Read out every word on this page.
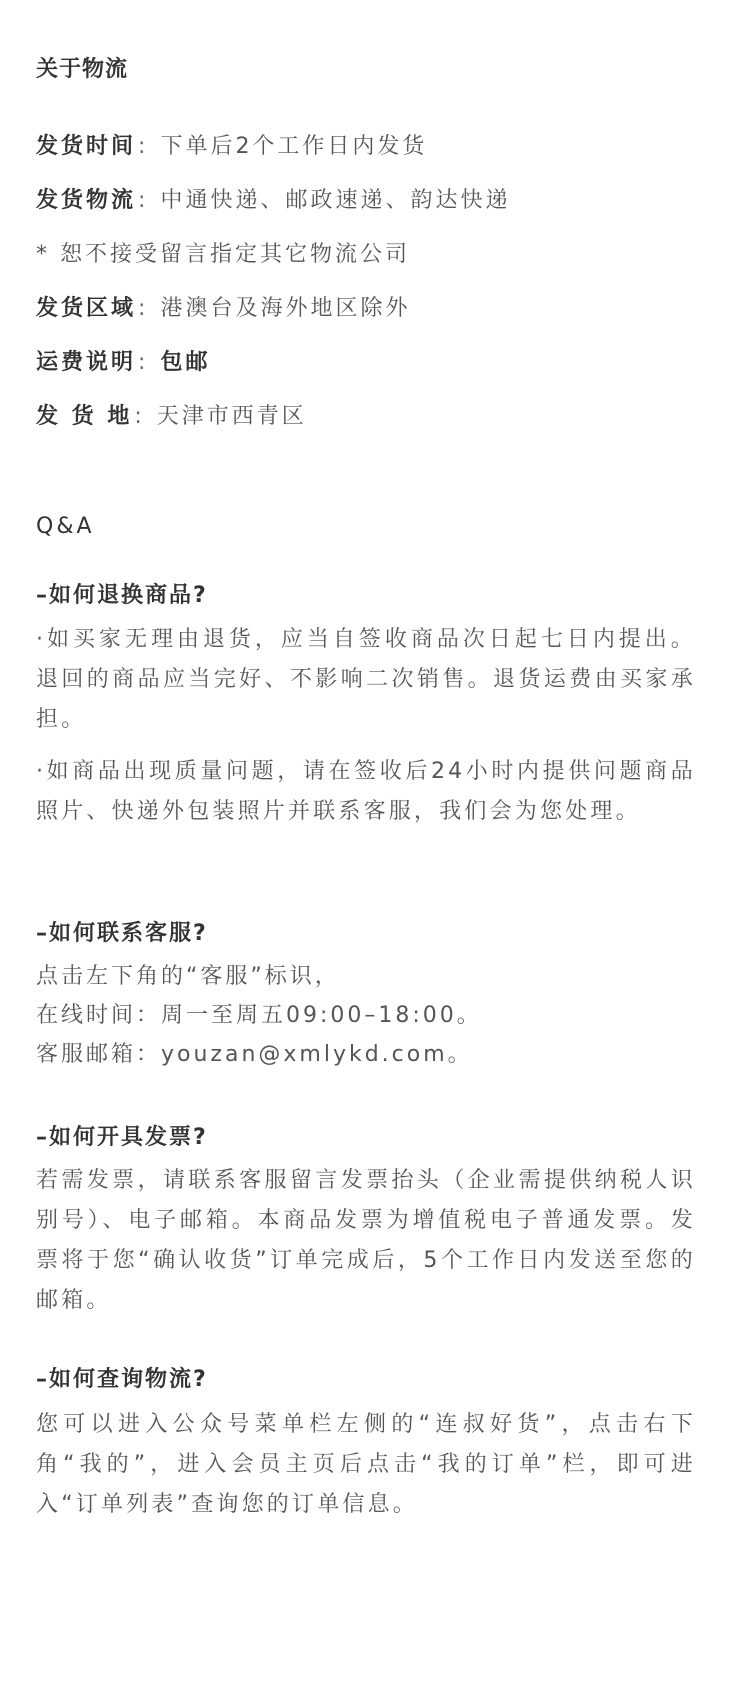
关于物流
发货时间: 下单后2个工作日内发货
发货物流: 中通快递、邮政速递、韵达快递
* 恕不接受留言指定其它物流公司
发货区域: 港澳台及海外地区除外
运费说明: 包邮
发 货 地: 天津市西青区
Q&A
–如何退换商品?
·如买家无理由退货，应当自签收商品次日起七日内提出。退回的商品应当完好、不影响二次销售。退货运费由买家承担。
·如商品出现质量问题，请在签收后24小时内提供问题商品照片、快递外包装照片并联系客服，我们会为您处理。
–如何联系客服?
点击左下角的“客服”标识，
在线时间：周一至周五09:00–18:00。
客服邮箱：youzan@xmlykd.com。
–如何开具发票?
若需发票，请联系客服留言发票抬头（企业需提供纳税人识别号）、电子邮箱。本商品发票为增值税电子普通发票。发票将于您“确认收货”订单完成后，5个工作日内发送至您的邮箱。
–如何查询物流?
您可以进入公众号菜单栏左侧的“连叔好货”，点击右下角“我的”，进入会员主页后点击“我的订单”栏，即可进入“订单列表”查询您的订单信息。
